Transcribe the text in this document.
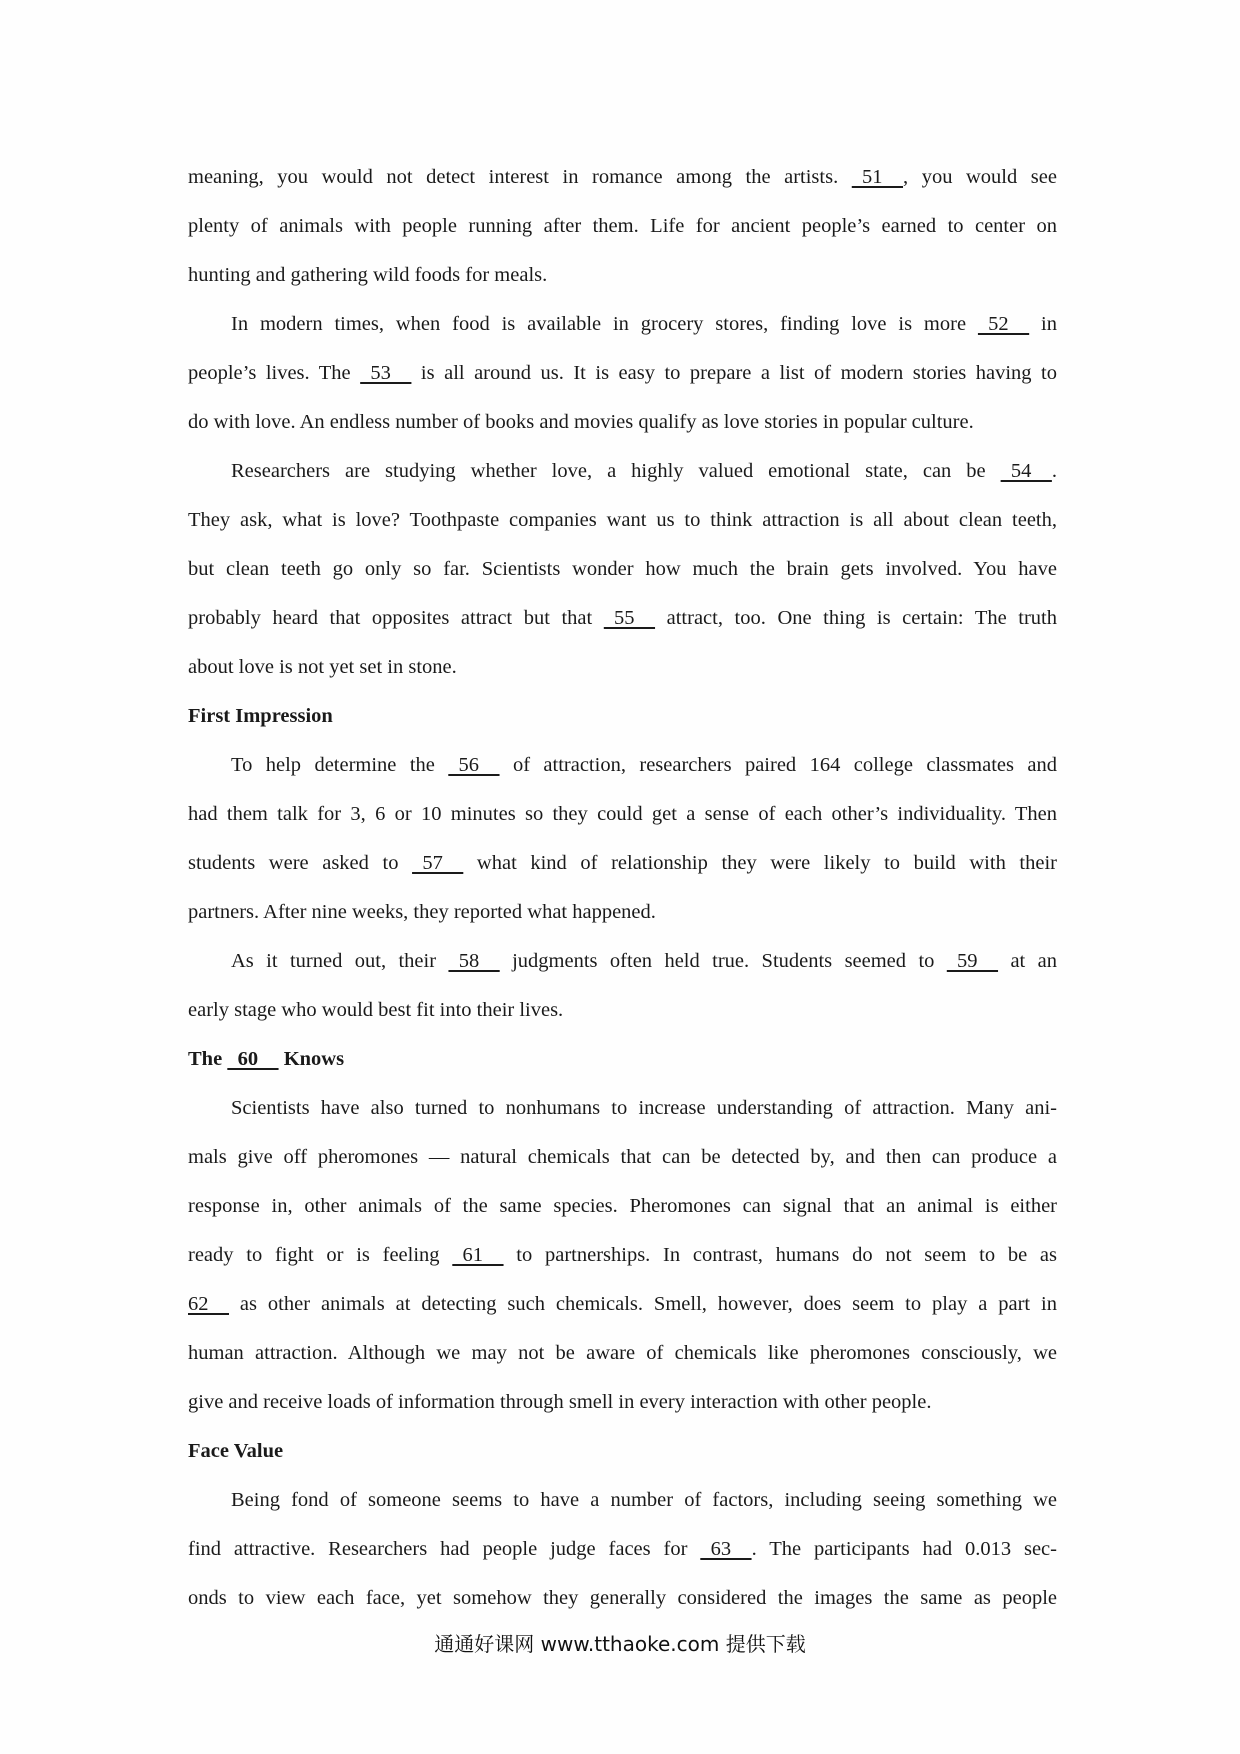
meaning, you would not detect interest in romance among the artists.   51    , you would see
plenty of animals with people running after them. Life for ancient people’s earned to center on
hunting and gathering wild foods for meals.
In modern times, when food is available in grocery stores, finding love is more   52     in
people’s lives. The   53     is all around us. It is easy to prepare a list of modern stories having to
do with love. An endless number of books and movies qualify as love stories in popular culture.
Researchers are studying whether love, a highly valued emotional state, can be   54    .
They ask, what is love? Toothpaste companies want us to think attraction is all about clean teeth,
but clean teeth go only so far. Scientists wonder how much the brain gets involved. You have
probably heard that opposites attract but that   55     attract, too. One thing is certain: The truth
about love is not yet set in stone.
First Impression
To help determine the   56     of attraction, researchers paired 164 college classmates and
had them talk for 3, 6 or 10 minutes so they could get a sense of each other’s individuality. Then
students were asked to   57     what kind of relationship they were likely to build with their
partners. After nine weeks, they reported what happened.
As it turned out, their   58     judgments often held true. Students seemed to   59     at an
early stage who would best fit into their lives.
The   60     Knows
Scientists have also turned to nonhumans to increase understanding of attraction. Many ani-
mals give off pheromones — natural chemicals that can be detected by, and then can produce a
response in, other animals of the same species. Pheromones can signal that an animal is either
ready to fight or is feeling   61     to partnerships. In contrast, humans do not seem to be as
62     as other animals at detecting such chemicals. Smell, however, does seem to play a part in
human attraction. Although we may not be aware of chemicals like pheromones consciously, we
give and receive loads of information through smell in every interaction with other people.
Face Value
Being fond of someone seems to have a number of factors, including seeing something we
find attractive. Researchers had people judge faces for   63    . The participants had 0.013 sec-
onds to view each face, yet somehow they generally considered the images the same as people
通通好课网 www.tthaoke.com 提供下载
